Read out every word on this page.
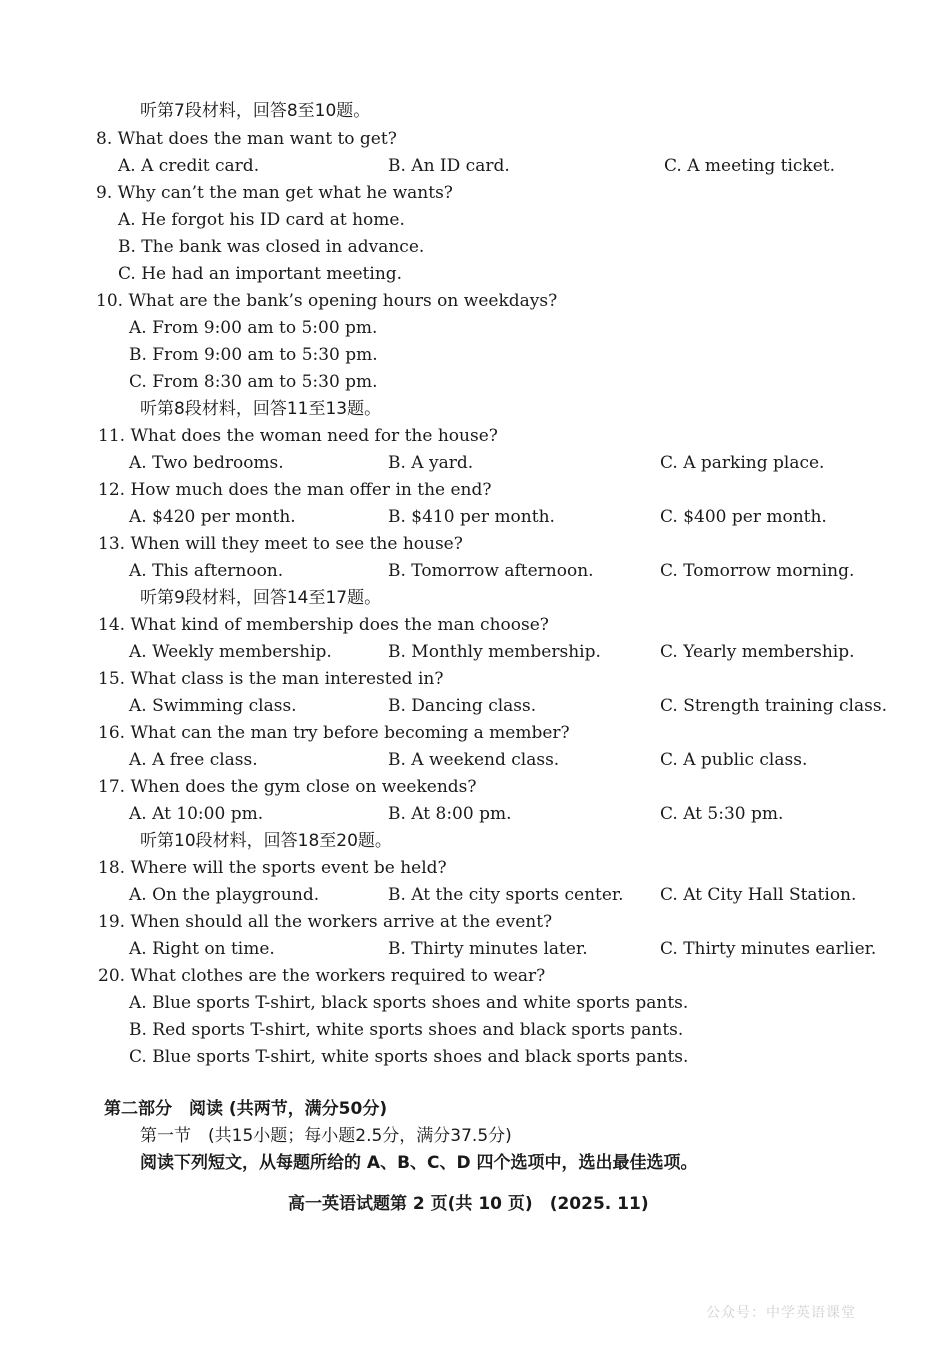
听第7段材料，回答8至10题。
8. What does the man want to get?
A. A credit card.	B. An ID card.	C. A meeting ticket.
9. Why can’t the man get what he wants?
A. He forgot his ID card at home.
B. The bank was closed in advance.
C. He had an important meeting.
10. What are the bank’s opening hours on weekdays?
A. From 9:00 am to 5:00 pm.
B. From 9:00 am to 5:30 pm.
C. From 8:30 am to 5:30 pm.
听第8段材料，回答11至13题。
11. What does the woman need for the house?
A. Two bedrooms.	B. A yard.	C. A parking place.
12. How much does the man offer in the end?
A. $420 per month.	B. $410 per month.	C. $400 per month.
13. When will they meet to see the house?
A. This afternoon.	B. Tomorrow afternoon.	C. Tomorrow morning.
听第9段材料，回答14至17题。
14. What kind of membership does the man choose?
A. Weekly membership.	B. Monthly membership.	C. Yearly membership.
15. What class is the man interested in?
A. Swimming class.	B. Dancing class.	C. Strength training class.
16. What can the man try before becoming a member?
A. A free class.	B. A weekend class.	C. A public class.
17. When does the gym close on weekends?
A. At 10:00 pm.	B. At 8:00 pm.	C. At 5:30 pm.
听第10段材料，回答18至20题。
18. Where will the sports event be held?
A. On the playground.	B. At the city sports center. C. At City Hall Station.
19. When should all the workers arrive at the event?
A. Right on time.	B. Thirty minutes later.	C. Thirty minutes earlier.
20. What clothes are the workers required to wear?
A. Blue sports T-shirt, black sports shoes and white sports pants.
B. Red sports T-shirt, white sports shoes and black sports pants.
C. Blue sports T-shirt, white sports shoes and black sports pants.
第二部分　阅读 (共两节，满分50分)
第一节　(共15小题；每小题2.5分，满分37.5分)
阅读下列短文，从每题所给的 A、B、C、D 四个选项中，选出最佳选项。
高一英语试题第 2 页(共 10 页)　(2025. 11)
公众号：中学英语课堂
